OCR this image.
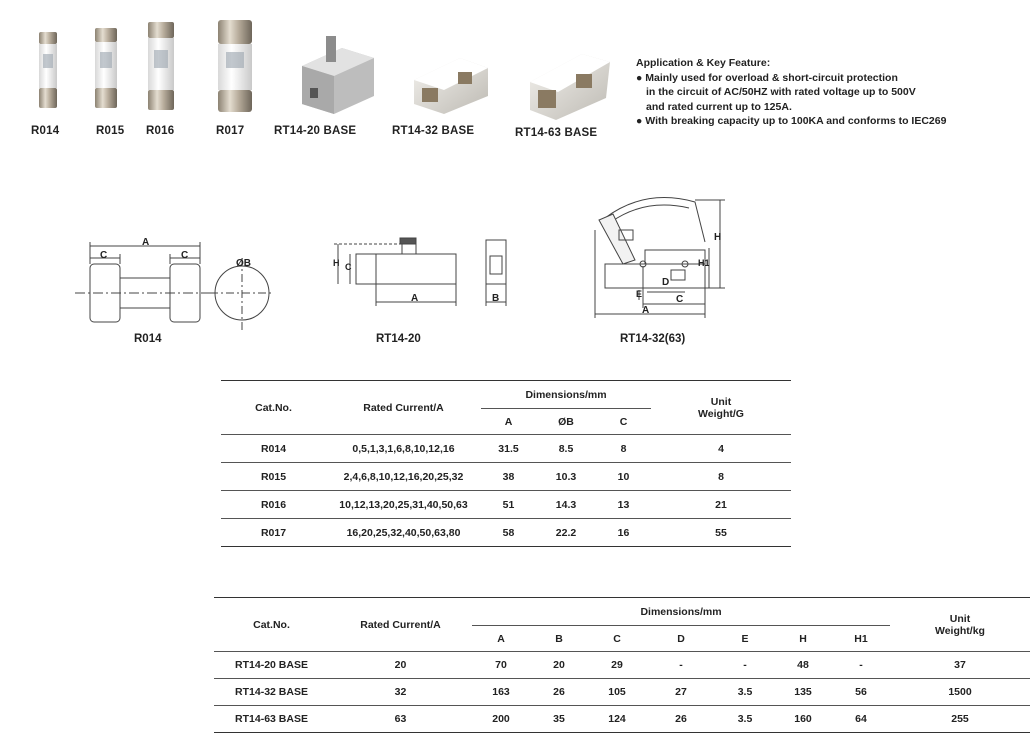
R014	R015 R016	R017	RT14-20 BASE	RT14-32 BASE	RT14-63 BASE
Application & Key Feature:
● Mainly used for overload & short-circuit protection
in the circuit of AC/50HZ with rated voltage up to 500V
and rated current up to 125A.
● With breaking capacity up to 100KA and conforms to IEC269
A
C	C
ØB
R014
H C
A	B
RT14-20
H
H1
D
E	C
A
RT14-32(63)
Cat.No.	Rated Current/A	Dimensions/mm			Unit
Weight/G
		A	ØB	C	
R014	0,5,1,3,1,6,8,10,12,16	31.5	8.5	8	4
R015	2,4,6,8,10,12,16,20,25,32	38	10.3	10	8
R016	10,12,13,20,25,31,40,50,63	51	14.3	13	21
R017	16,20,25,32,40,50,63,80	58	22.2	16	55
Cat.No.	Rated Current/A	Dimensions/mm							Unit
Weight/kg
		A	B	C	D	E	H	H1	
RT14-20 BASE	20	70	20	29	-	-	48	-	37
RT14-32 BASE	32	163	26	105	27	3.5	135	56	1500
RT14-63 BASE	63	200	35	124	26	3.5	160	64	255
